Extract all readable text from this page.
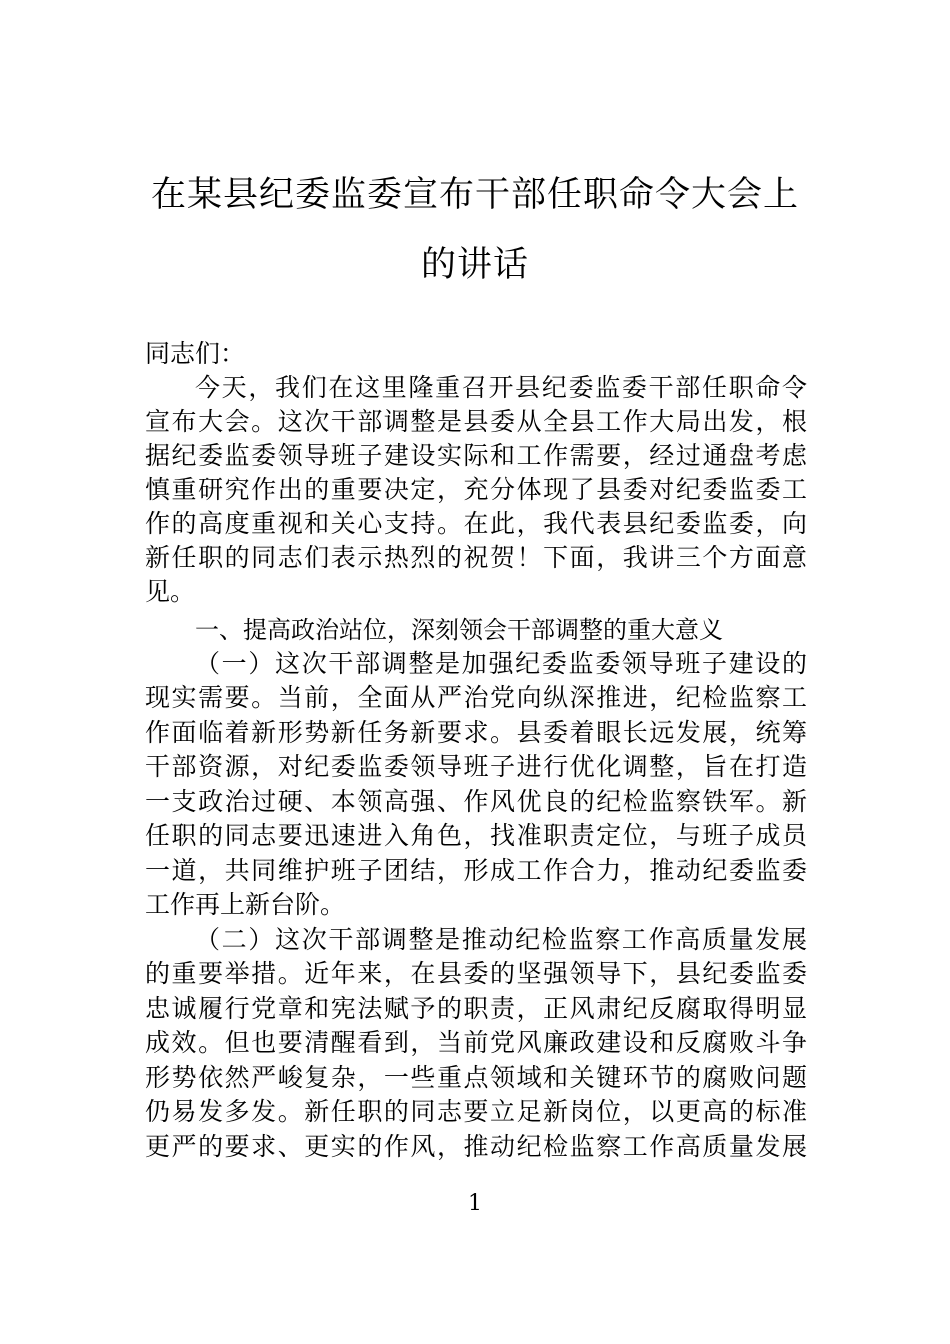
在某县纪委监委宣布干部任职命令大会上
的讲话
同志们：
今天，我们在这里隆重召开县纪委监委干部任职命令
宣布大会。这次干部调整是县委从全县工作大局出发，根
据纪委监委领导班子建设实际和工作需要，经过通盘考虑
慎重研究作出的重要决定，充分体现了县委对纪委监委工
作的高度重视和关心支持。在此，我代表县纪委监委，向
新任职的同志们表示热烈的祝贺！下面，我讲三个方面意
见。
一、提高政治站位，深刻领会干部调整的重大意义
（一）这次干部调整是加强纪委监委领导班子建设的
现实需要。当前，全面从严治党向纵深推进，纪检监察工
作面临着新形势新任务新要求。县委着眼长远发展，统筹
干部资源，对纪委监委领导班子进行优化调整，旨在打造
一支政治过硬、本领高强、作风优良的纪检监察铁军。新
任职的同志要迅速进入角色，找准职责定位，与班子成员
一道，共同维护班子团结，形成工作合力，推动纪委监委
工作再上新台阶。
（二）这次干部调整是推动纪检监察工作高质量发展
的重要举措。近年来，在县委的坚强领导下，县纪委监委
忠诚履行党章和宪法赋予的职责，正风肃纪反腐取得明显
成效。但也要清醒看到，当前党风廉政建设和反腐败斗争
形势依然严峻复杂，一些重点领域和关键环节的腐败问题
仍易发多发。新任职的同志要立足新岗位，以更高的标准
更严的要求、更实的作风，推动纪检监察工作高质量发展
1
